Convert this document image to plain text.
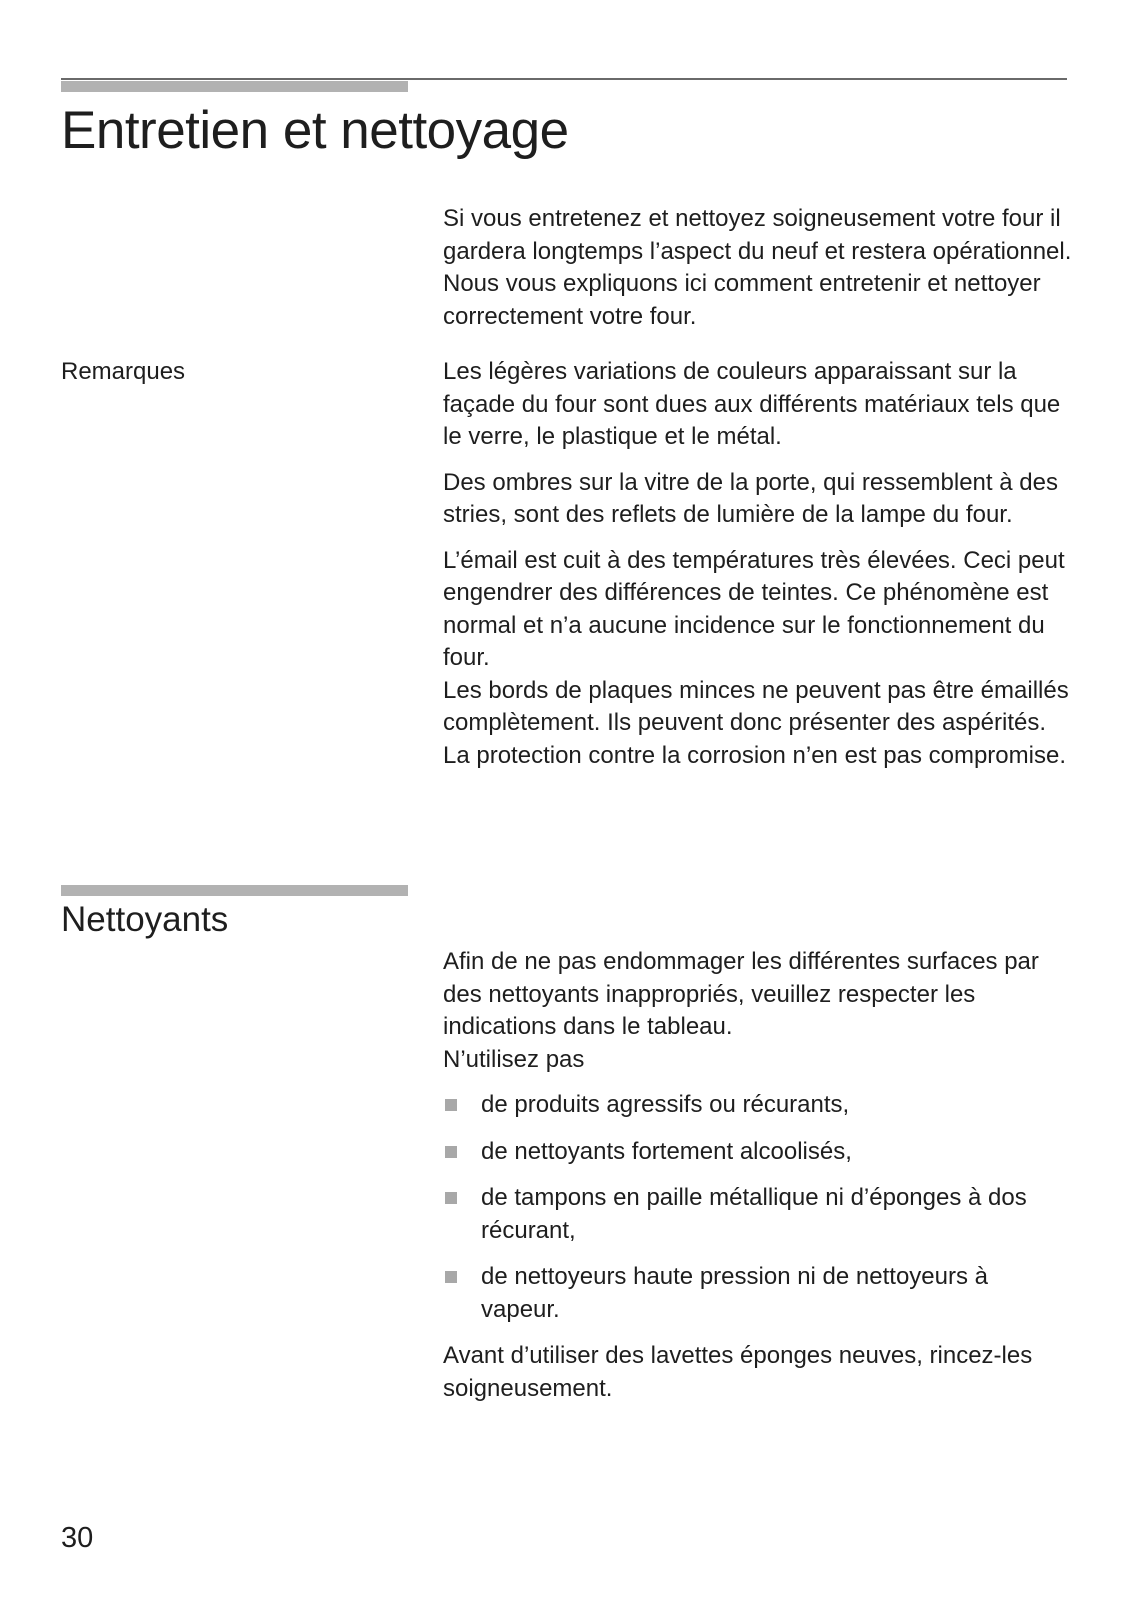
Entretien et nettoyage

Si vous entretenez et nettoyez soigneusement votre four il gardera longtemps l’aspect du neuf et restera opérationnel. Nous vous expliquons ici comment entretenir et nettoyer correctement votre four.

Remarques	Les légères variations de couleurs apparaissant sur la façade du four sont dues aux différents matériaux tels que le verre, le plastique et le métal.

Des ombres sur la vitre de la porte, qui ressemblent à des stries, sont des reflets de lumière de la lampe du four.

L’émail est cuit à des températures très élevées. Ceci peut engendrer des différences de teintes. Ce phénomène est normal et n’a aucune incidence sur le fonctionnement du four.

Les bords de plaques minces ne peuvent pas être émaillés complètement. Ils peuvent donc présenter des aspérités. La protection contre la corrosion n’en est pas compromise.

Nettoyants

Afin de ne pas endommager les différentes surfaces par des nettoyants inappropriés, veuillez respecter les indications dans le tableau.

N’utilisez pas

de produits agressifs ou récurants,
de nettoyants fortement alcoolisés,
de tampons en paille métallique ni d’éponges à dos récurant,
de nettoyeurs haute pression ni de nettoyeurs à vapeur.

Avant d’utiliser des lavettes éponges neuves, rincez-les soigneusement.

30
